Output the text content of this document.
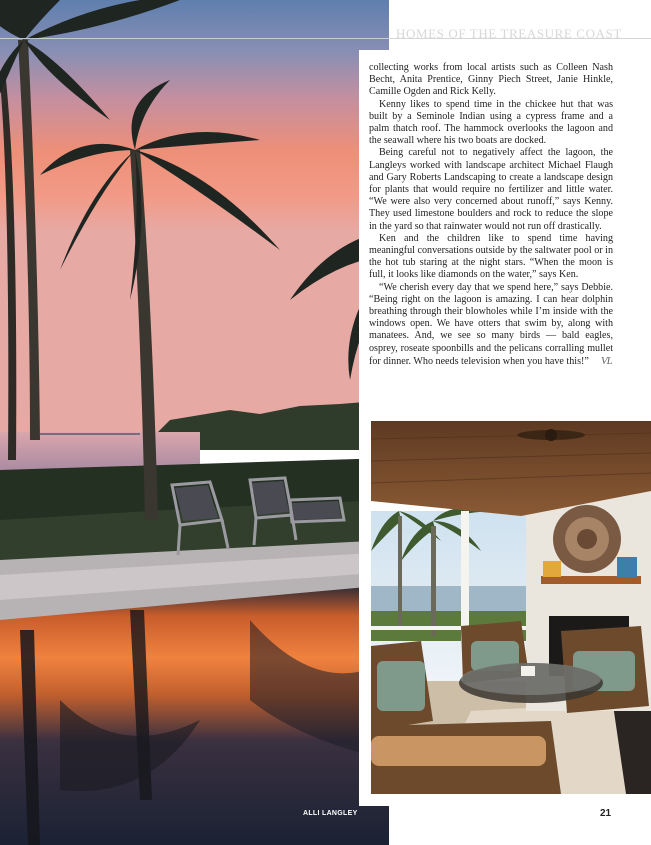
HOMES OF THE TREASURE COAST

collecting works from local artists such as Colleen Nash Becht, Anita Prentice, Ginny Piech Street, Janie Hinkle, Camille Ogden and Rick Kelly.

Kenny likes to spend time in the chickee hut that was built by a Seminole Indian using a cypress frame and a palm thatch roof. The hammock overlooks the lagoon and the seawall where his two boats are docked.

Being careful not to negatively affect the lagoon, the Langleys worked with landscape architect Michael Flaugh and Gary Roberts Landscaping to create a landscape design for plants that would require no fertilizer and little water. “We were also very concerned about runoff,” says Kenny. They used limestone boulders and rock to reduce the slope in the yard so that rainwater would not run off drastically.

Ken and the children like to spend time having meaningful conversations outside by the saltwater pool or in the hot tub staring at the night stars. “When the moon is full, it looks like diamonds on the water,” says Ken.

“We cherish every day that we spend here,” says Debbie. “Being right on the lagoon is amazing. I can hear dolphin breathing through their blowholes while I’m inside with the windows open. We have otters that swim by, along with manatees. And, we see so many birds — bald eagles, osprey, roseate spoonbills and the pelicans corralling mullet for dinner. Who needs television when you have this!” VL

ALLI LANGLEY	21
